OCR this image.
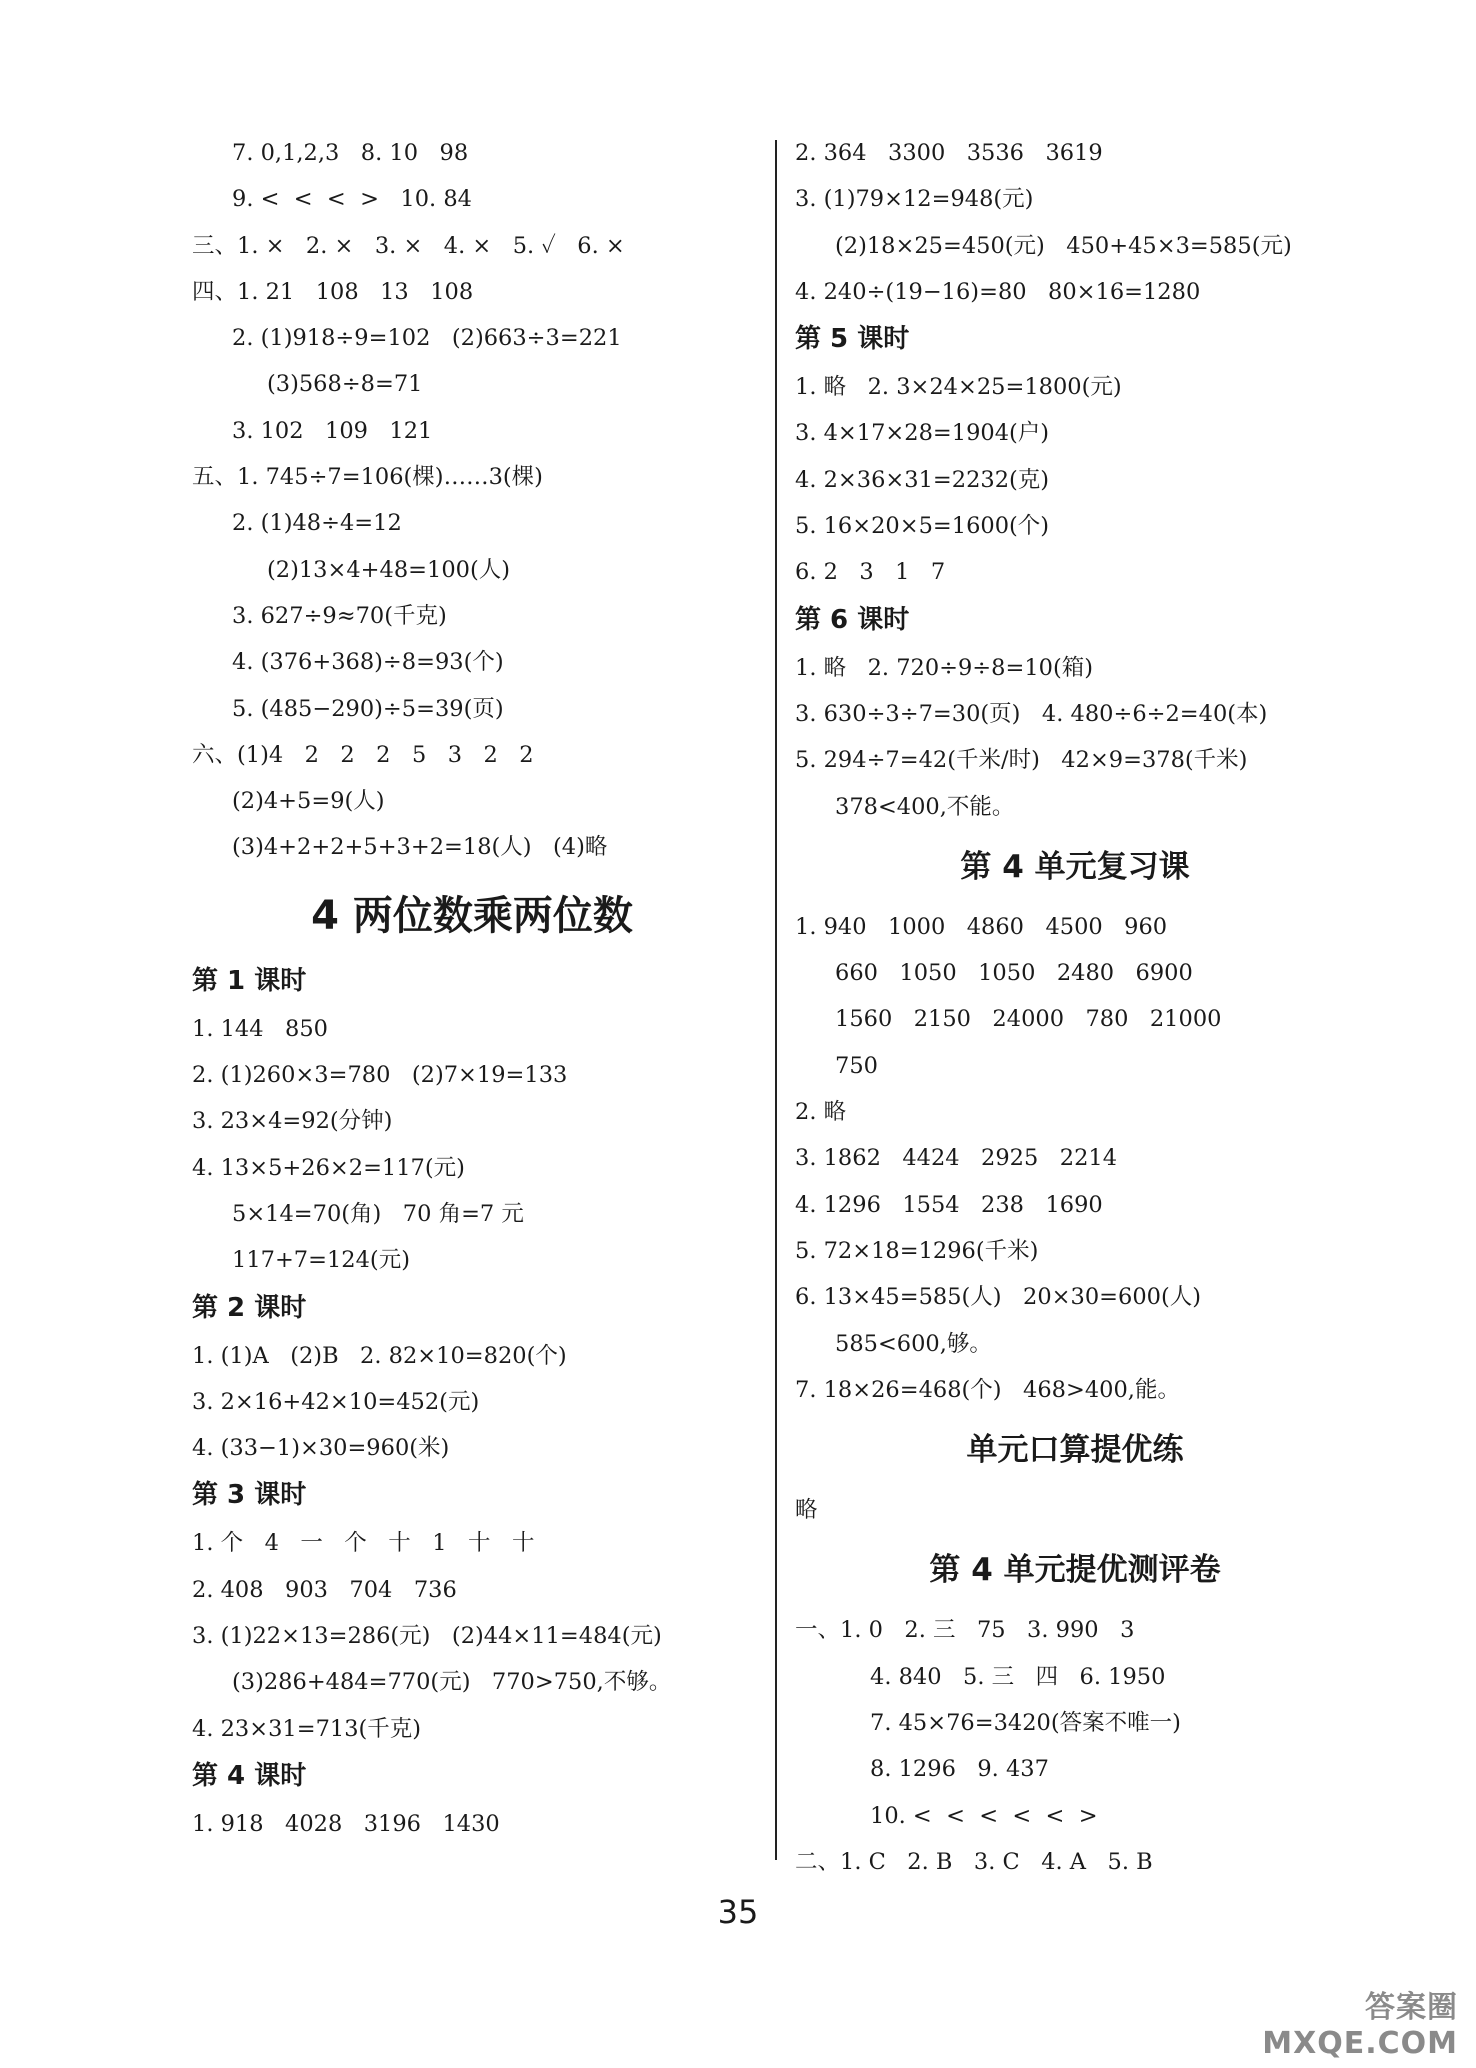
7. 0,1,2,3   8. 10   98
9. <  <  <  >   10. 84
三、1. ×   2. ×   3. ×   4. ×   5. ✓   6. ×
四、1. 21   108   13   108
2. (1)918÷9=102   (2)663÷3=221
(3)568÷8=71
3. 102   109   121
五、1. 745÷7=106(棵)……3(棵)
2. (1)48÷4=12
(2)13×4+48=100(人)
3. 627÷9≈70(千克)
4. (376+368)÷8=93(个)
5. (485−290)÷5=39(页)
六、(1)4   2   2   2   5   3   2   2
(2)4+5=9(人)
(3)4+2+2+5+3+2=18(人)   (4)略
4 两位数乘两位数
第 1 课时
1. 144   850
2. (1)260×3=780   (2)7×19=133
3. 23×4=92(分钟)
4. 13×5+26×2=117(元)
5×14=70(角)   70 角=7 元
117+7=124(元)
第 2 课时
1. (1)A   (2)B   2. 82×10=820(个)
3. 2×16+42×10=452(元)
4. (33−1)×30=960(米)
第 3 课时
1. 个   4   一   个   十   1   十   十
2. 408   903   704   736
3. (1)22×13=286(元)   (2)44×11=484(元)
(3)286+484=770(元)   770>750,不够。
4. 23×31=713(千克)
第 4 课时
1. 918   4028   3196   1430
2. 364   3300   3536   3619
3. (1)79×12=948(元)
(2)18×25=450(元)   450+45×3=585(元)
4. 240÷(19−16)=80   80×16=1280
第 5 课时
1. 略   2. 3×24×25=1800(元)
3. 4×17×28=1904(户)
4. 2×36×31=2232(克)
5. 16×20×5=1600(个)
6. 2   3   1   7
第 6 课时
1. 略   2. 720÷9÷8=10(箱)
3. 630÷3÷7=30(页)   4. 480÷6÷2=40(本)
5. 294÷7=42(千米/时)   42×9=378(千米)
378<400,不能。
第 4 单元复习课
1. 940   1000   4860   4500   960
660   1050   1050   2480   6900
1560   2150   24000   780   21000
750
2. 略
3. 1862   4424   2925   2214
4. 1296   1554   238   1690
5. 72×18=1296(千米)
6. 13×45=585(人)   20×30=600(人)
585<600,够。
7. 18×26=468(个)   468>400,能。
单元口算提优练
略
第 4 单元提优测评卷
一、1. 0   2. 三   75   3. 990   3
4. 840   5. 三   四   6. 1950
7. 45×76=3420(答案不唯一)
8. 1296   9. 437
10. <  <  <  <  <  >
二、1. C   2. B   3. C   4. A   5. B
35
答案圈
MXQE.COM
